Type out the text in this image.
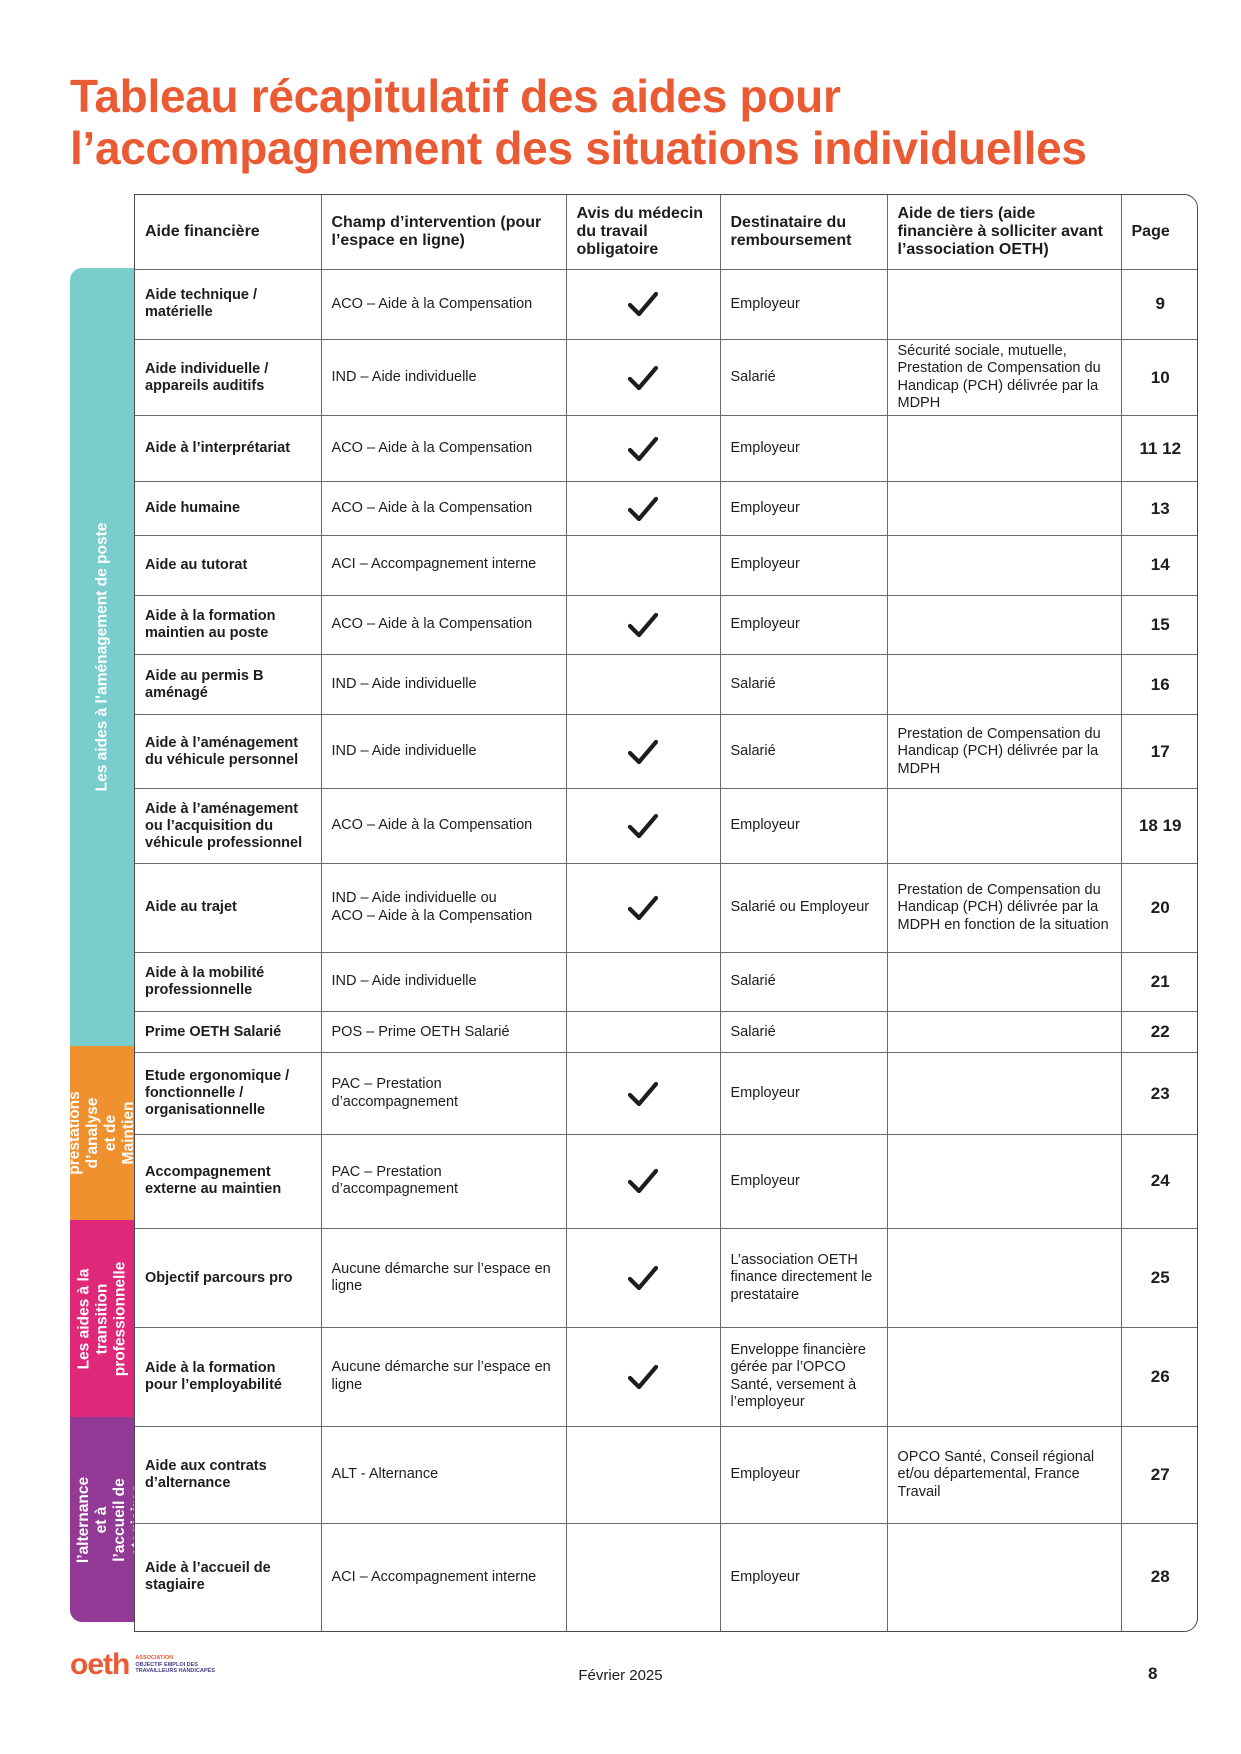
Tableau récapitulatif des aides pour
l’accompagnement des situations individuelles
Les aides à l’aménagement de poste
Les prestations d’analyse et de Maintien au poste
Les aides à la transition professionnelle
Les aides à l’alternance et à l’accueil de stagiaires
Aide financière	Champ d’intervention (pour l’espace en ligne)	Avis du médecin du travail obligatoire	Destinataire du remboursement	Aide de tiers (aide financière à solliciter avant l’association OETH)	Page
Aide technique / matérielle	ACO – Aide à la Compensation		Employeur		9
Aide individuelle / appareils auditifs	IND – Aide individuelle		Salarié	Sécurité sociale, mutuelle, Prestation de Compensation du Handicap (PCH) délivrée par la MDPH	10
Aide à l’interprétariat	ACO – Aide à la Compensation		Employeur		11 12
Aide humaine	ACO – Aide à la Compensation		Employeur		13
Aide au tutorat	ACI – Accompagnement interne		Employeur		14
Aide à la formation maintien au poste	ACO – Aide à la Compensation		Employeur		15
Aide au permis B aménagé	IND – Aide individuelle		Salarié		16
Aide à l’aménagement du véhicule personnel	IND – Aide individuelle		Salarié	Prestation de Compensation du Handicap (PCH) délivrée par la MDPH	17
Aide à l’aménagement ou l’acquisition du véhicule professionnel	ACO – Aide à la Compensation		Employeur		18 19
Aide au trajet	IND – Aide individuelle ou
ACO – Aide à la Compensation		Salarié ou Employeur	Prestation de Compensation du Handicap (PCH) délivrée par la MDPH en fonction de la situation	20
Aide à la mobilité professionnelle	IND – Aide individuelle		Salarié		21
Prime OETH Salarié	POS – Prime OETH Salarié		Salarié		22
Etude ergonomique / fonctionnelle / organisationnelle	PAC – Prestation d’accompagnement		Employeur		23
Accompagnement externe au maintien	PAC – Prestation d’accompagnement		Employeur		24
Objectif parcours pro	Aucune démarche sur l’espace en ligne		L’association OETH finance directement le prestataire		25
Aide à la formation pour l’employabilité	Aucune démarche sur l’espace en ligne		Enveloppe financière gérée par l’OPCO Santé, versement à l’employeur		26
Aide aux contrats d’alternance	ALT - Alternance		Employeur	OPCO Santé, Conseil régional et/ou départemental, France Travail	27
Aide à l’accueil de stagiaire	ACI – Accompagnement interne		Employeur		28
oeth ASSOCIATION
OBJECTIF EMPLOI DES
TRAVAILLEURS HANDICAPÉS	Février 2025	8
